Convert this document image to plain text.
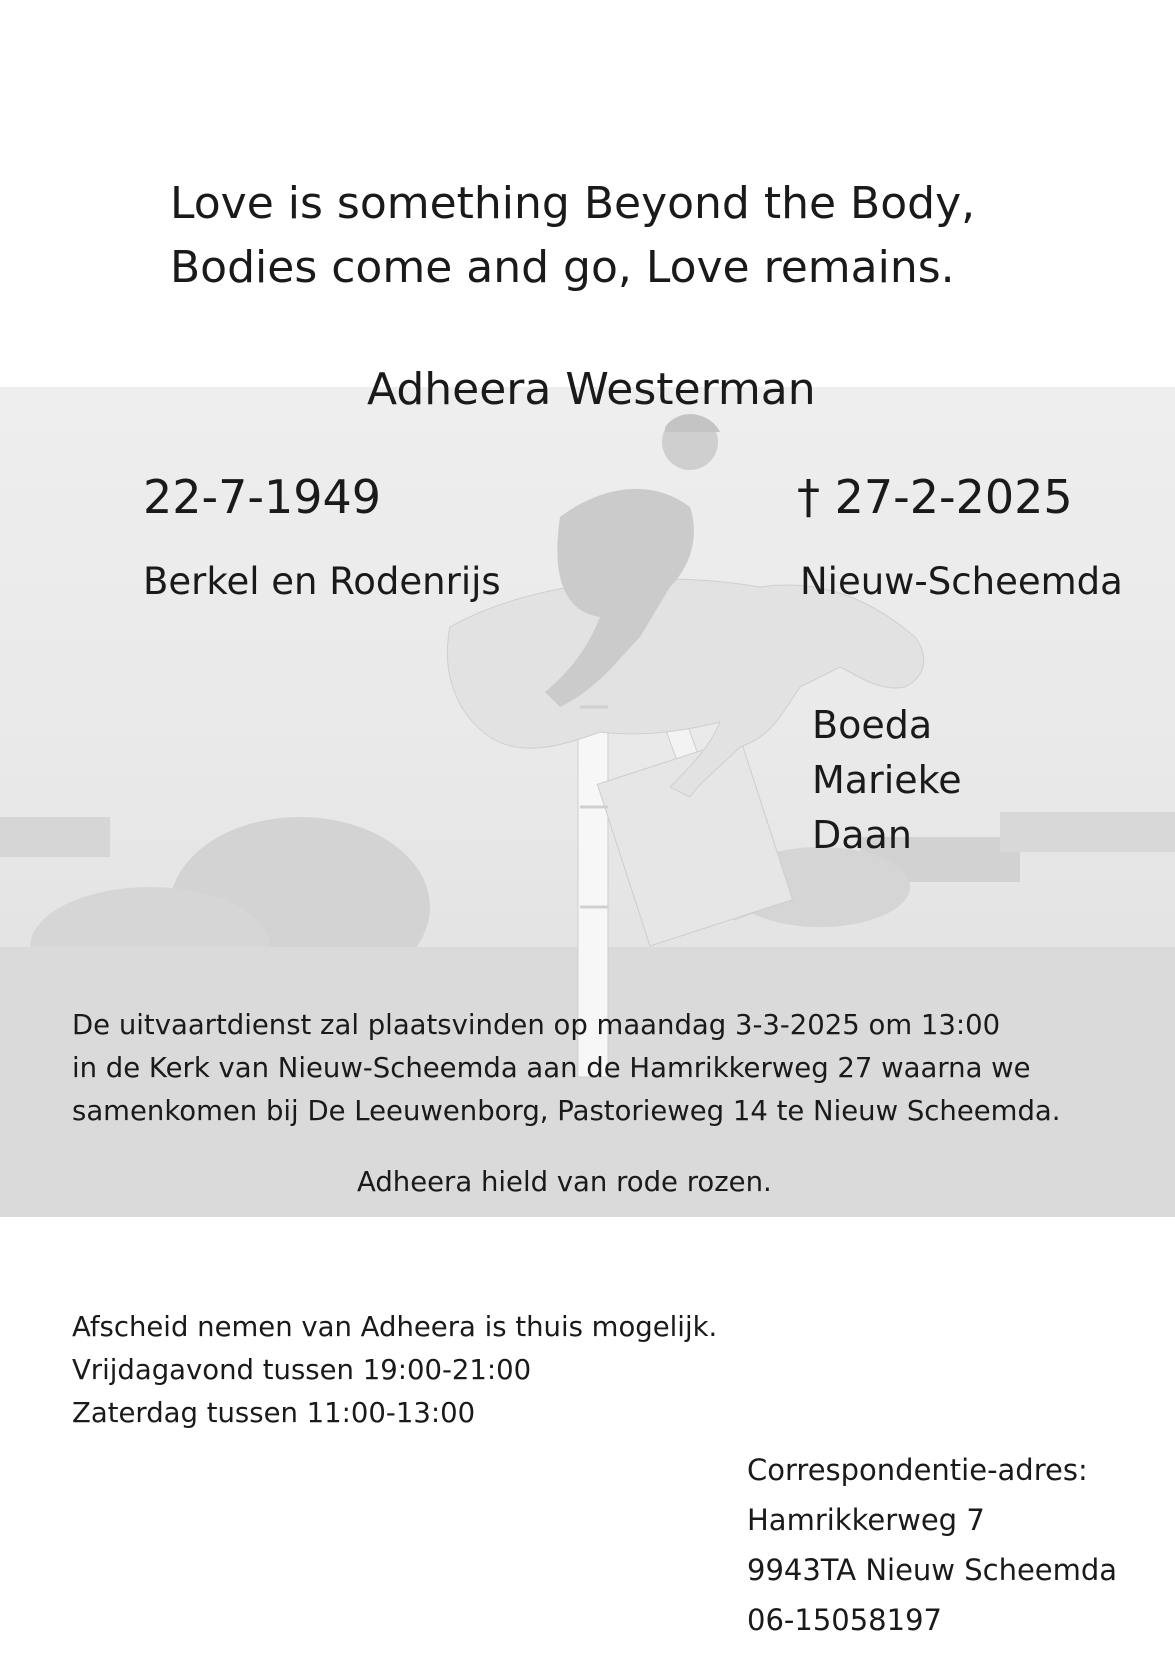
Love is something Beyond the Body,
Bodies come and go, Love remains.
Adheera Westerman
22-7-1949	† 27-2-2025
Berkel en Rodenrijs	Nieuw-Scheemda
Boeda
Marieke
Daan
De uitvaartdienst zal plaatsvinden op maandag 3-3-2025 om 13:00
in de Kerk van Nieuw-Scheemda aan de Hamrikkerweg 27 waarna we
samenkomen bij De Leeuwenborg, Pastorieweg 14 te Nieuw Scheemda.
Adheera hield van rode rozen.
Afscheid nemen van Adheera is thuis mogelijk.
Vrijdagavond tussen 19:00-21:00
Zaterdag tussen 11:00-13:00
Correspondentie-adres:
Hamrikkerweg 7
9943TA Nieuw Scheemda
06-15058197
